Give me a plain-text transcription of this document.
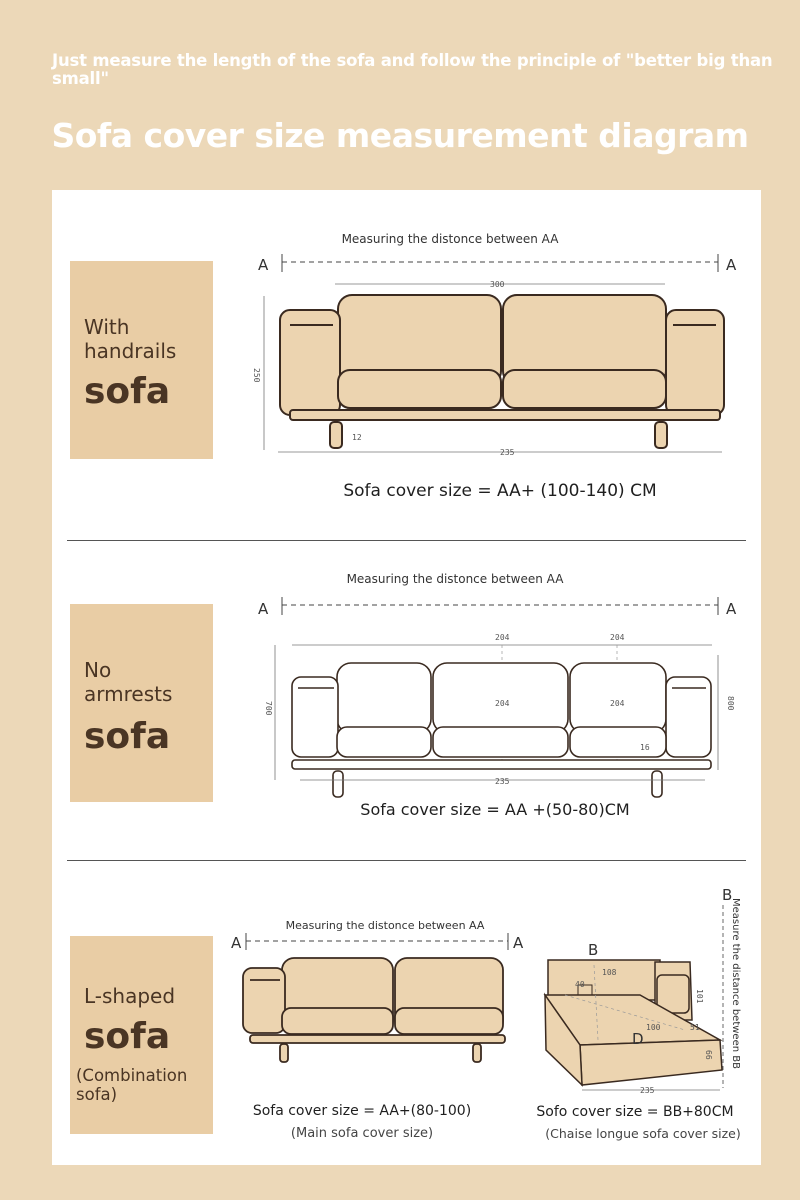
Just measure the length of the sofa and follow the principle of "better big than small"
Sofa cover size measurement diagram
With handrails
sofa
No armrests
sofa
L-shaped
sofa
(Combination sofa)
Measuring the distonce between AA
Measuring the distonce between AA
Measuring the distonce between AA
Sofa cover size = AA+ (100-140) CM
Sofa cover size = AA +(50-80)CM
Sofa cover size = AA+(80-100)
(Main sofa cover size)
Sofo cover size = BB+80CM
(Chaise longue sofa cover size)
Measure the distance between BB
A	A
300
250
12
235
A	A
204	204
700	800
204	204
16
235
A	A
40
108
101
100	51
66
235
B
D
B
